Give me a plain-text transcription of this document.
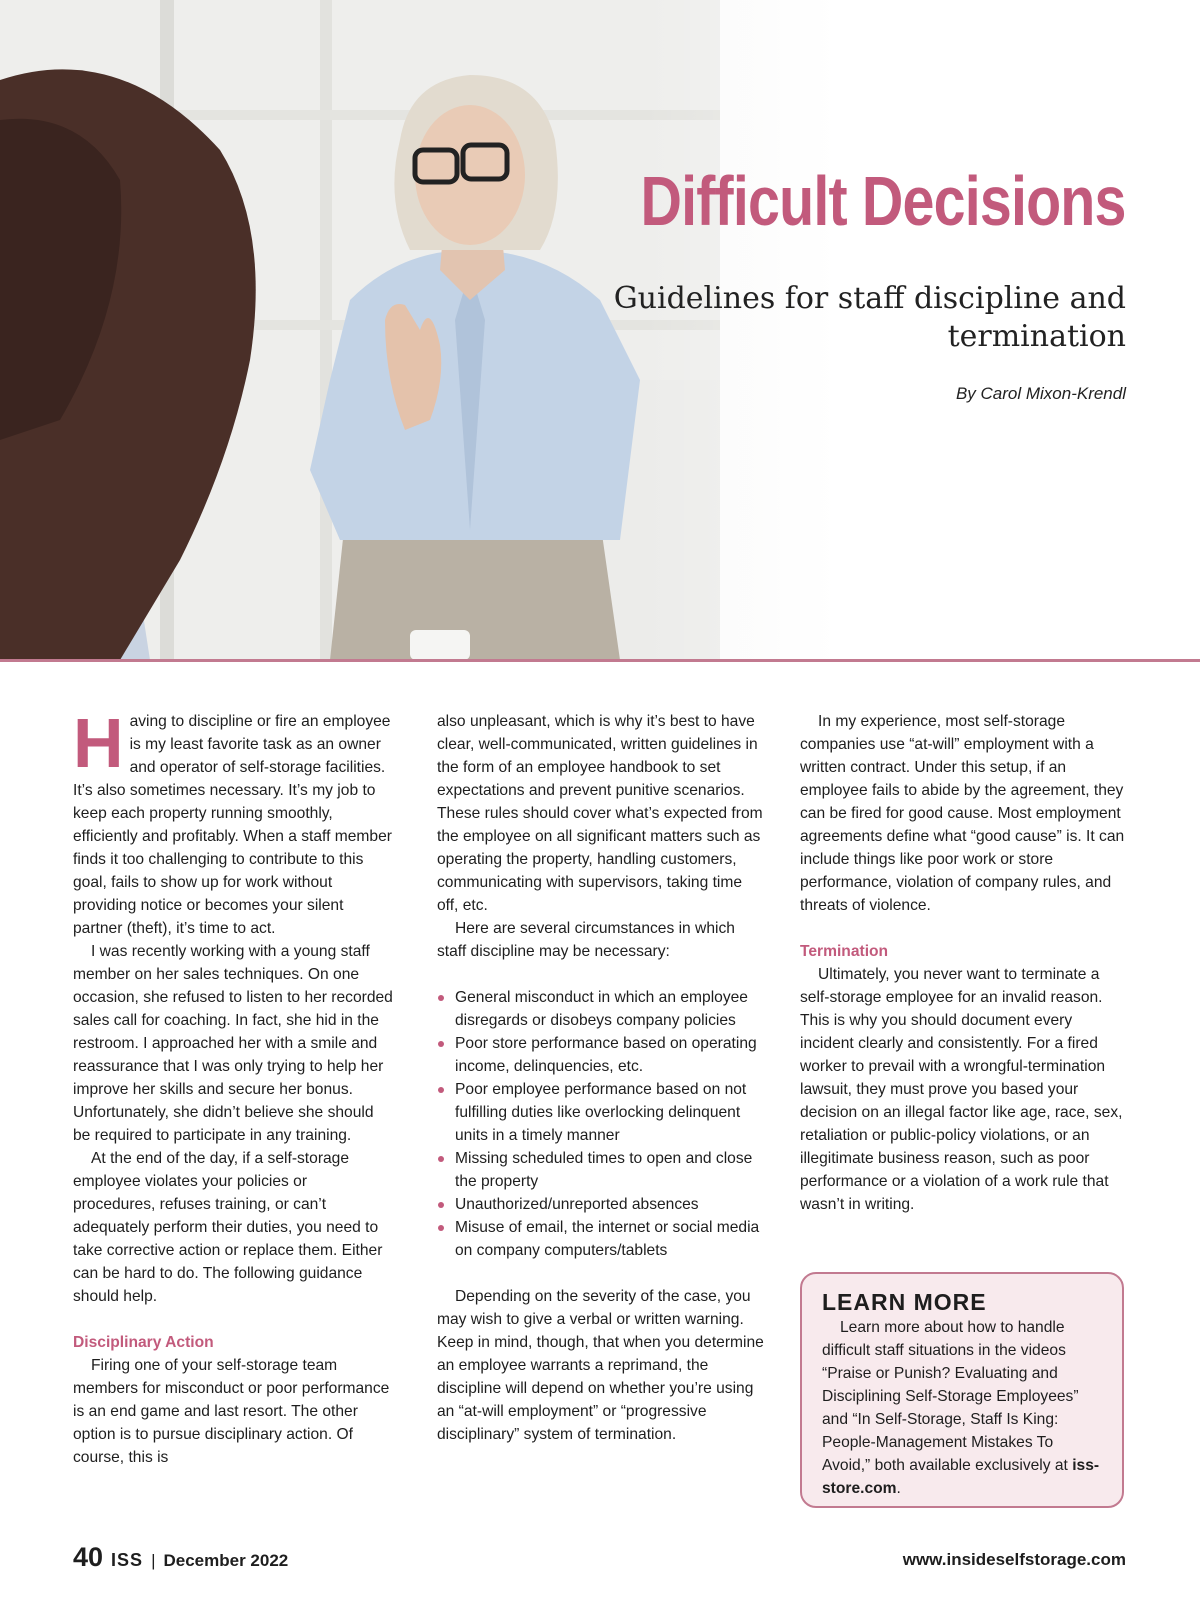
Difficult Decisions
Guidelines for staff discipline and termination

By Carol Mixon-Krendl

Having to discipline or fire an employee is my least favorite task as an owner and operator of self-storage facilities. It’s also sometimes necessary. It’s my job to keep each property running smoothly, efficiently and profitably. When a staff member finds it too challenging to contribute to this goal, fails to show up for work without providing notice or becomes your silent partner (theft), it’s time to act.

I was recently working with a young staff member on her sales techniques. On one occasion, she refused to listen to her recorded sales call for coaching. In fact, she hid in the restroom. I approached her with a smile and reassurance that I was only trying to help her improve her skills and secure her bonus. Unfortunately, she didn’t believe she should be required to participate in any training.

At the end of the day, if a self-storage employee violates your policies or procedures, refuses training, or can’t adequately perform their duties, you need to take corrective action or replace them. Either can be hard to do. The following guidance should help.

Disciplinary Action

Firing one of your self-storage team members for misconduct or poor performance is an end game and last resort. The other option is to pursue disciplinary action. Of course, this is

also unpleasant, which is why it’s best to have clear, well-communicated, written guidelines in the form of an employee handbook to set expectations and prevent punitive scenarios. These rules should cover what’s expected from the employee on all significant matters such as operating the property, handling customers, communicating with supervisors, taking time off, etc.

Here are several circumstances in which staff discipline may be necessary:

General misconduct in which an employee disregards or disobeys company policies
Poor store performance based on operating income, delinquencies, etc.
Poor employee performance based on not fulfilling duties like overlocking delinquent units in a timely manner
Missing scheduled times to open and close the property
Unauthorized/unreported absences
Misuse of email, the internet or social media on company computers/tablets

Depending on the severity of the case, you may wish to give a verbal or written warning. Keep in mind, though, that when you determine an employee warrants a reprimand, the discipline will depend on whether you’re using an “at-will employment” or “progressive disciplinary” system of termination.

In my experience, most self-storage companies use “at-will” employment with a written contract. Under this setup, if an employee fails to abide by the agreement, they can be fired for good cause. Most employment agreements define what “good cause” is. It can include things like poor work or store performance, violation of company rules, and threats of violence.

Termination

Ultimately, you never want to terminate a self-storage employee for an invalid reason. This is why you should document every incident clearly and consistently. For a fired worker to prevail with a wrongful-termination lawsuit, they must prove you based your decision on an illegal factor like age, race, sex, retaliation or public-policy violations, or an illegitimate business reason, such as poor performance or a violation of a work rule that wasn’t in writing.

LEARN MORE

Learn more about how to handle difficult staff situations in the videos “Praise or Punish? Evaluating and Disciplining Self-Storage Employees” and “In Self-Storage, Staff Is King: People-Management Mistakes To Avoid,” both available exclusively at iss-store.com.

40 ISS | December 2022	www.insideselfstorage.com
